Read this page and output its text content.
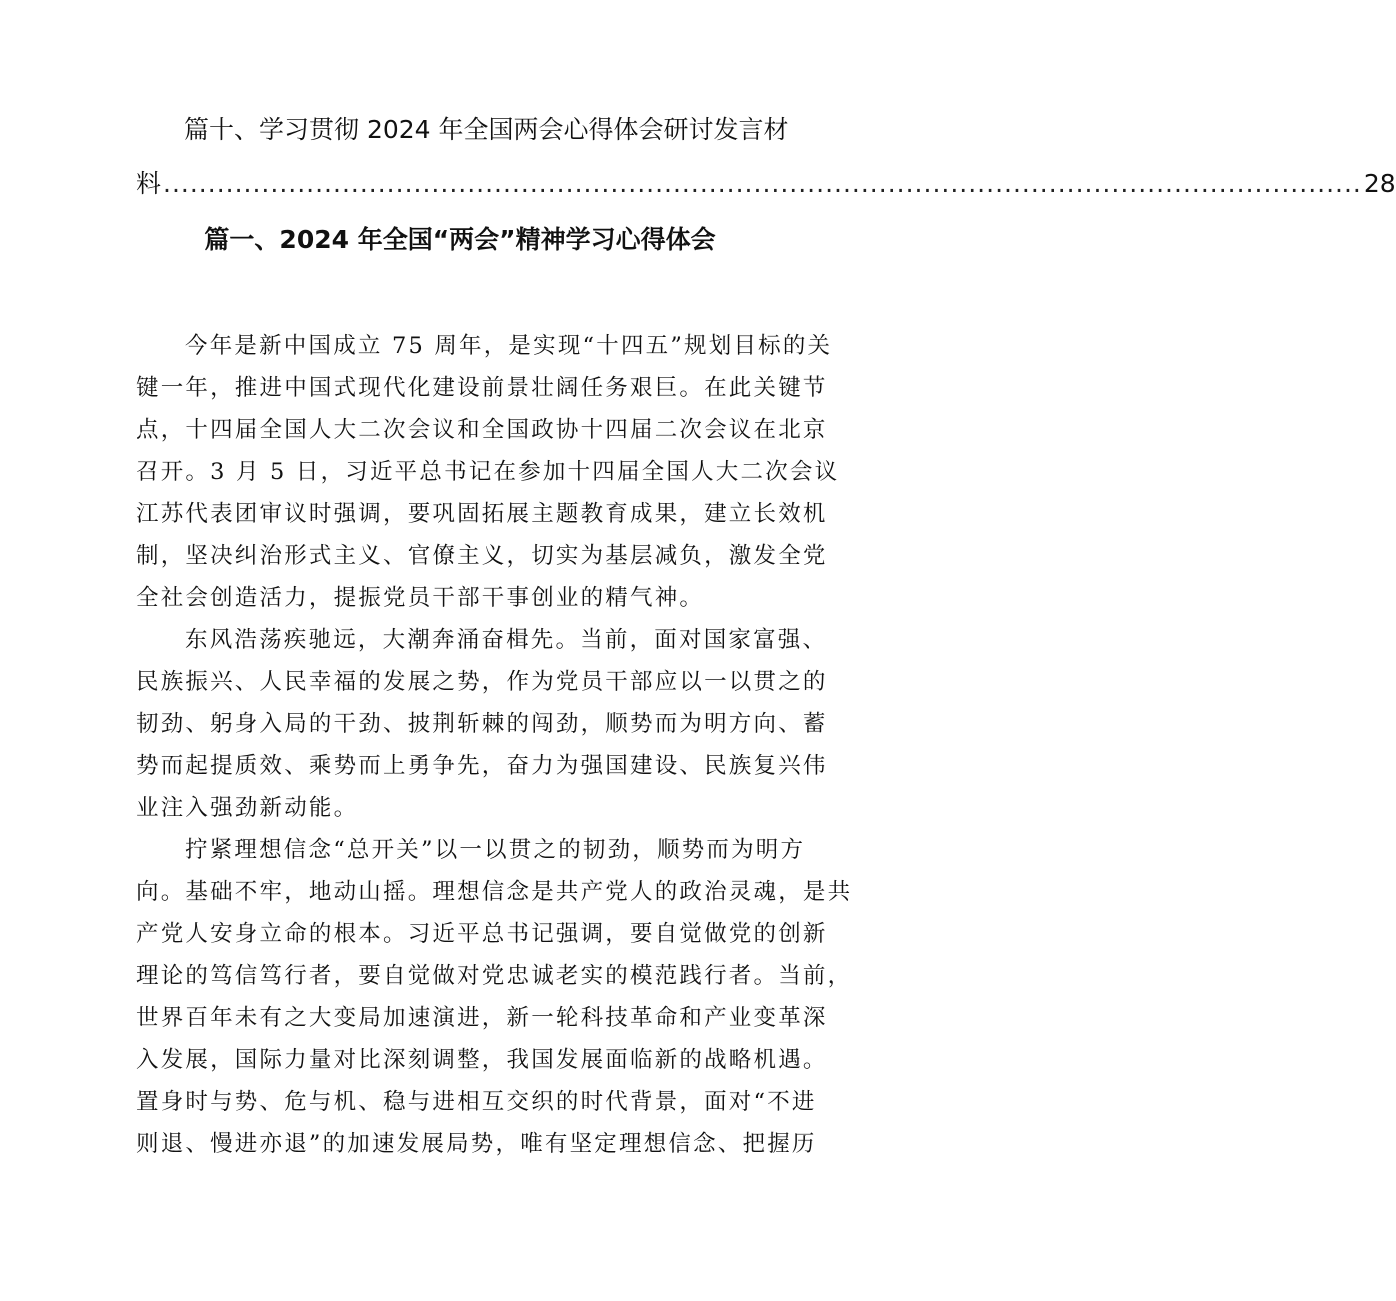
篇十、学习贯彻 2024 年全国两会心得体会研讨发言材
料 ...................................................................................................................................... 28
篇一、2024 年全国“两会”精神学习心得体会

今年是新中国成立 75 周年，是实现“十四五”规划目标的关
键一年，推进中国式现代化建设前景壮阔任务艰巨。在此关键节
点，十四届全国人大二次会议和全国政协十四届二次会议在北京
召开。3 月 5 日，习近平总书记在参加十四届全国人大二次会议
江苏代表团审议时强调，要巩固拓展主题教育成果，建立长效机
制，坚决纠治形式主义、官僚主义，切实为基层减负，激发全党
全社会创造活力，提振党员干部干事创业的精气神。

东风浩荡疾驰远，大潮奔涌奋楫先。当前，面对国家富强、
民族振兴、人民幸福的发展之势，作为党员干部应以一以贯之的
韧劲、躬身入局的干劲、披荆斩棘的闯劲，顺势而为明方向、蓄
势而起提质效、乘势而上勇争先，奋力为强国建设、民族复兴伟
业注入强劲新动能。

拧紧理想信念“总开关”以一以贯之的韧劲，顺势而为明方
向。基础不牢，地动山摇。理想信念是共产党人的政治灵魂，是共
产党人安身立命的根本。习近平总书记强调，要自觉做党的创新
理论的笃信笃行者，要自觉做对党忠诚老实的模范践行者。当前，
世界百年未有之大变局加速演进，新一轮科技革命和产业变革深
入发展，国际力量对比深刻调整，我国发展面临新的战略机遇。
置身时与势、危与机、稳与进相互交织的时代背景，面对“不进
则退、慢进亦退”的加速发展局势，唯有坚定理想信念、把握历
